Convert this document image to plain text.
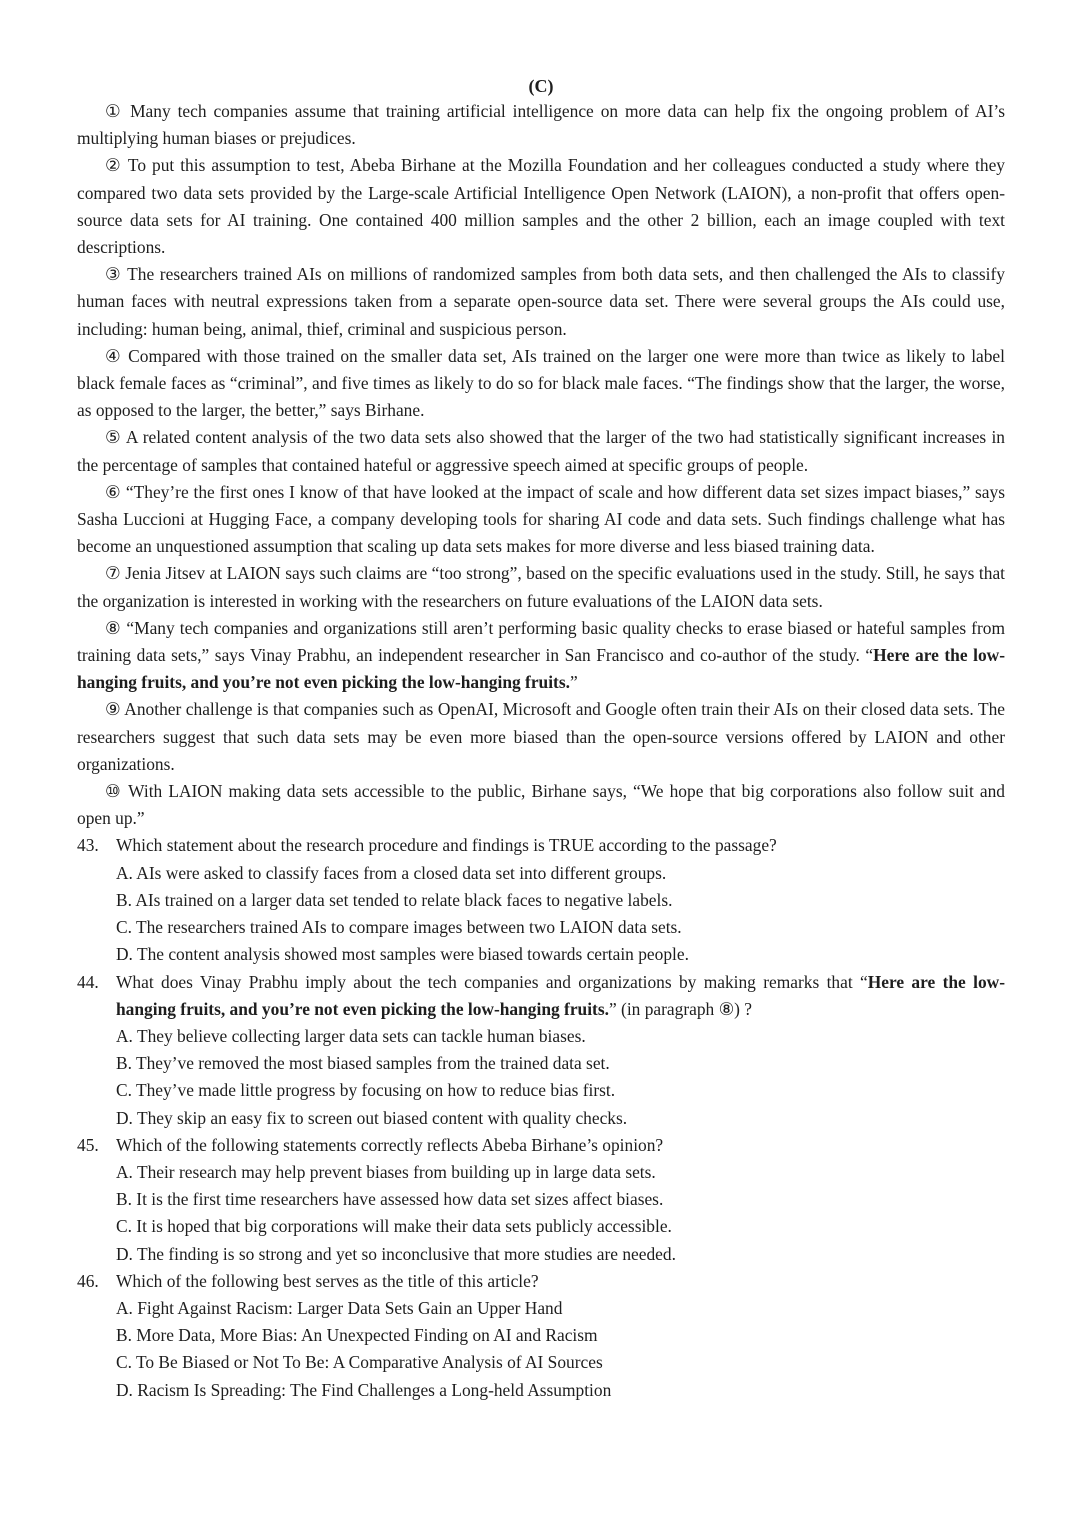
(C)

① Many tech companies assume that training artificial intelligence on more data can help fix the ongoing problem of AI’s multiplying human biases or prejudices.

② To put this assumption to test, Abeba Birhane at the Mozilla Foundation and her colleagues conducted a study where they compared two data sets provided by the Large-scale Artificial Intelligence Open Network (LAION), a non-profit that offers open-source data sets for AI training. One contained 400 million samples and the other 2 billion, each an image coupled with text descriptions.

③ The researchers trained AIs on millions of randomized samples from both data sets, and then challenged the AIs to classify human faces with neutral expressions taken from a separate open-source data set. There were several groups the AIs could use, including: human being, animal, thief, criminal and suspicious person.

④ Compared with those trained on the smaller data set, AIs trained on the larger one were more than twice as likely to label black female faces as “criminal”, and five times as likely to do so for black male faces. “The findings show that the larger, the worse, as opposed to the larger, the better,” says Birhane.

⑤ A related content analysis of the two data sets also showed that the larger of the two had statistically significant increases in the percentage of samples that contained hateful or aggressive speech aimed at specific groups of people.

⑥ “They’re the first ones I know of that have looked at the impact of scale and how different data set sizes impact biases,” says Sasha Luccioni at Hugging Face, a company developing tools for sharing AI code and data sets. Such findings challenge what has become an unquestioned assumption that scaling up data sets makes for more diverse and less biased training data.

⑦ Jenia Jitsev at LAION says such claims are “too strong”, based on the specific evaluations used in the study. Still, he says that the organization is interested in working with the researchers on future evaluations of the LAION data sets.

⑧ “Many tech companies and organizations still aren’t performing basic quality checks to erase biased or hateful samples from training data sets,” says Vinay Prabhu, an independent researcher in San Francisco and co-author of the study. “Here are the low-hanging fruits, and you’re not even picking the low-hanging fruits.”

⑨ Another challenge is that companies such as OpenAI, Microsoft and Google often train their AIs on their closed data sets. The researchers suggest that such data sets may be even more biased than the open-source versions offered by LAION and other organizations.

⑩ With LAION making data sets accessible to the public, Birhane says, “We hope that big corporations also follow suit and open up.”

43. Which statement about the research procedure and findings is TRUE according to the passage?

A. AIs were asked to classify faces from a closed data set into different groups.

B. AIs trained on a larger data set tended to relate black faces to negative labels.

C. The researchers trained AIs to compare images between two LAION data sets.

D. The content analysis showed most samples were biased towards certain people.

44. What does Vinay Prabhu imply about the tech companies and organizations by making remarks that “Here are the low-hanging fruits, and you’re not even picking the low-hanging fruits.” (in paragraph ⑧) ?

A. They believe collecting larger data sets can tackle human biases.

B. They’ve removed the most biased samples from the trained data set.

C. They’ve made little progress by focusing on how to reduce bias first.

D. They skip an easy fix to screen out biased content with quality checks.

45. Which of the following statements correctly reflects Abeba Birhane’s opinion?

A. Their research may help prevent biases from building up in large data sets.

B. It is the first time researchers have assessed how data set sizes affect biases.

C. It is hoped that big corporations will make their data sets publicly accessible.

D. The finding is so strong and yet so inconclusive that more studies are needed.

46. Which of the following best serves as the title of this article?

A. Fight Against Racism: Larger Data Sets Gain an Upper Hand

B. More Data, More Bias: An Unexpected Finding on AI and Racism

C. To Be Biased or Not To Be: A Comparative Analysis of AI Sources

D. Racism Is Spreading: The Find Challenges a Long-held Assumption
